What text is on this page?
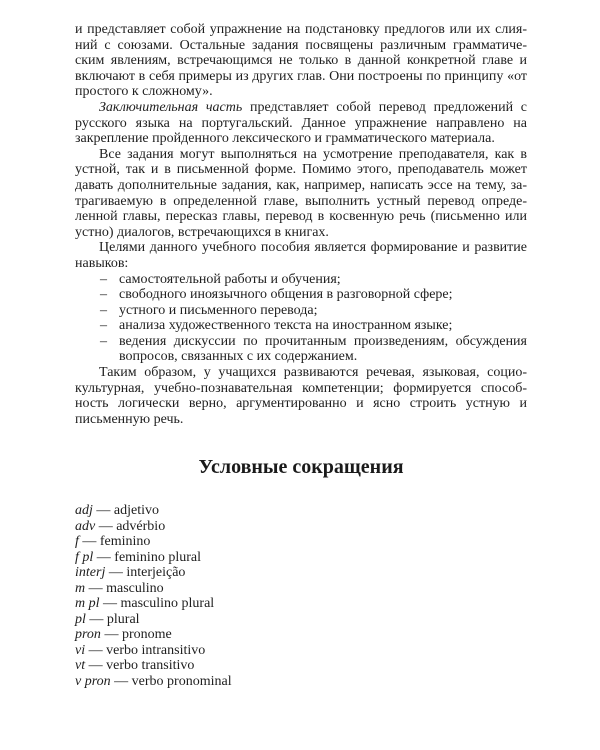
и представляет собой упражнение на подстановку предлогов или их слияний с союзами. Остальные задания посвящены различным грамматическим явлениям, встречающимся не только в данной конкретной главе и включают в себя примеры из других глав. Они построены по принципу «от простого к сложному».

Заключительная часть представляет собой перевод предложений с русского языка на португальский. Данное упражнение направлено на закрепление пройденного лексического и грамматического материала.

Все задания могут выполняться на усмотрение преподавателя, как в устной, так и в письменной форме. Помимо этого, преподаватель может давать дополнительные задания, как, например, написать эссе на тему, затрагиваемую в определенной главе, выполнить устный перевод определенной главы, пересказ главы, перевод в косвенную речь (письменно или устно) диалогов, встречающихся в книгах.

Целями данного учебного пособия является формирование и развитие навыков:

– самостоятельной работы и обучения;
– свободного иноязычного общения в разговорной сфере;
– устного и письменного перевода;
– анализа художественного текста на иностранном языке;
– ведения дискуссии по прочитанным произведениям, обсуждения вопросов, связанных с их содержанием.

Таким образом, у учащихся развиваются речевая, языковая, социокультурная, учебно-познавательная компетенции; формируется способность логически верно, аргументированно и ясно строить устную и письменную речь.

Условные сокращения
adj — adjetivo
adv — advérbio
f — feminino
f pl — feminino plural
interj — interjeição
m — masculino
m pl — masculino plural
pl — plural
pron — pronome
vi — verbo intransitivo
vt — verbo transitivo
v pron — verbo pronominal
